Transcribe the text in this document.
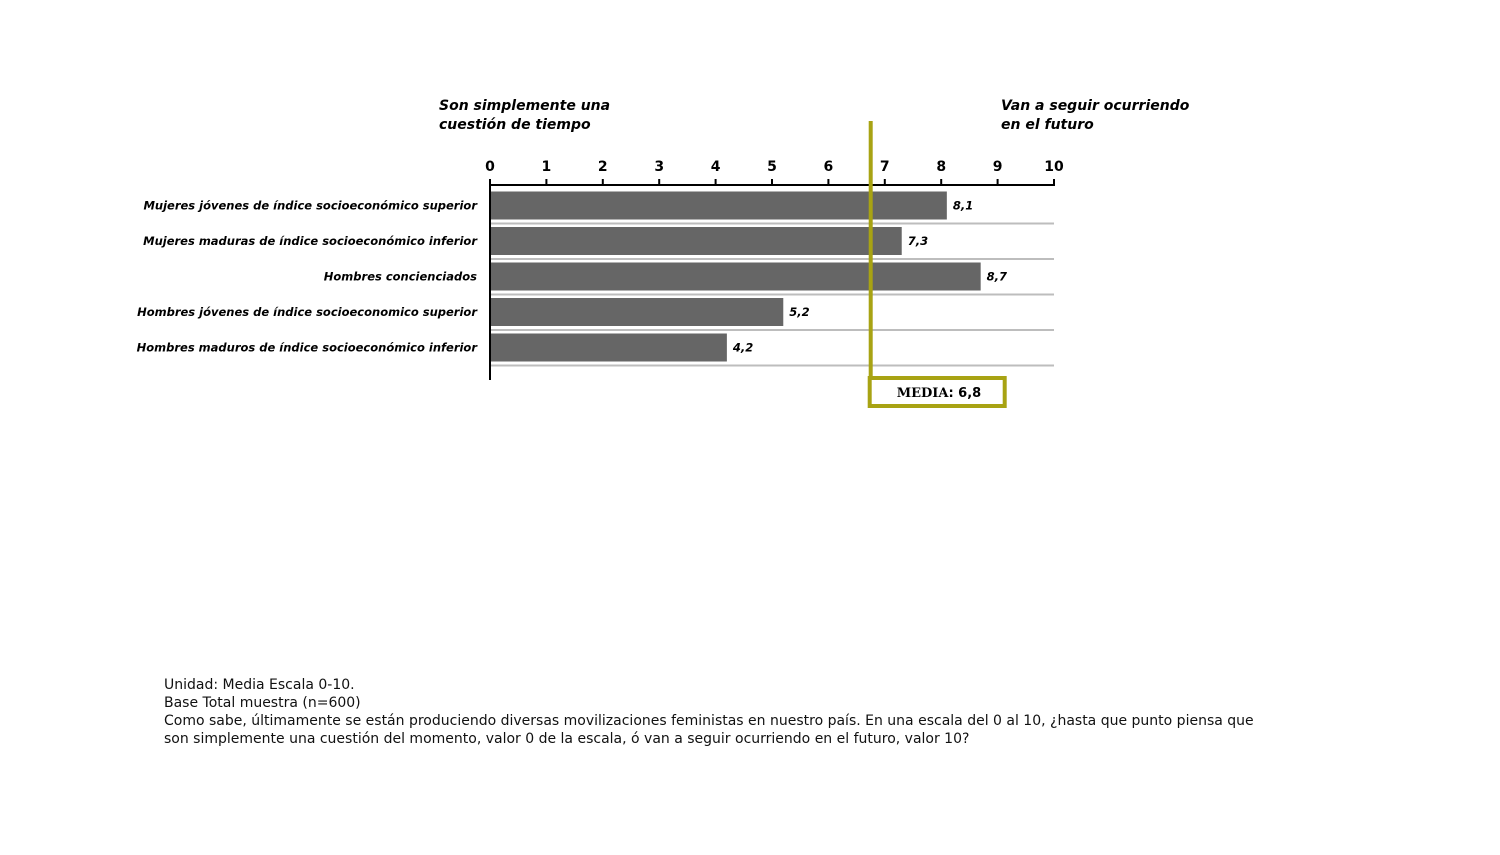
Son simplemente una cuestión de tiempo
Van a seguir ocurriendo en el futuro
Mujeres jóvenes de índice socioeconómico superior	8,1
Mujeres maduras de índice socioeconómico inferior	7,3
Hombres concienciados	8,7
Hombres jóvenes de índice socioeconomico superior	5,2
Hombres maduros de índice socioeconómico inferior	4,2
0	1	2	3	4	5	6	7	8	9	10
MEDIA: 6,8
Unidad: Media Escala 0-10.
Base Total muestra (n=600)
Como sabe, últimamente se están produciendo diversas movilizaciones feministas en nuestro país. En una escala del 0 al 10, ¿hasta que punto piensa que son simplemente una cuestión del momento, valor 0 de la escala, ó van a seguir ocurriendo en el futuro, valor 10?
